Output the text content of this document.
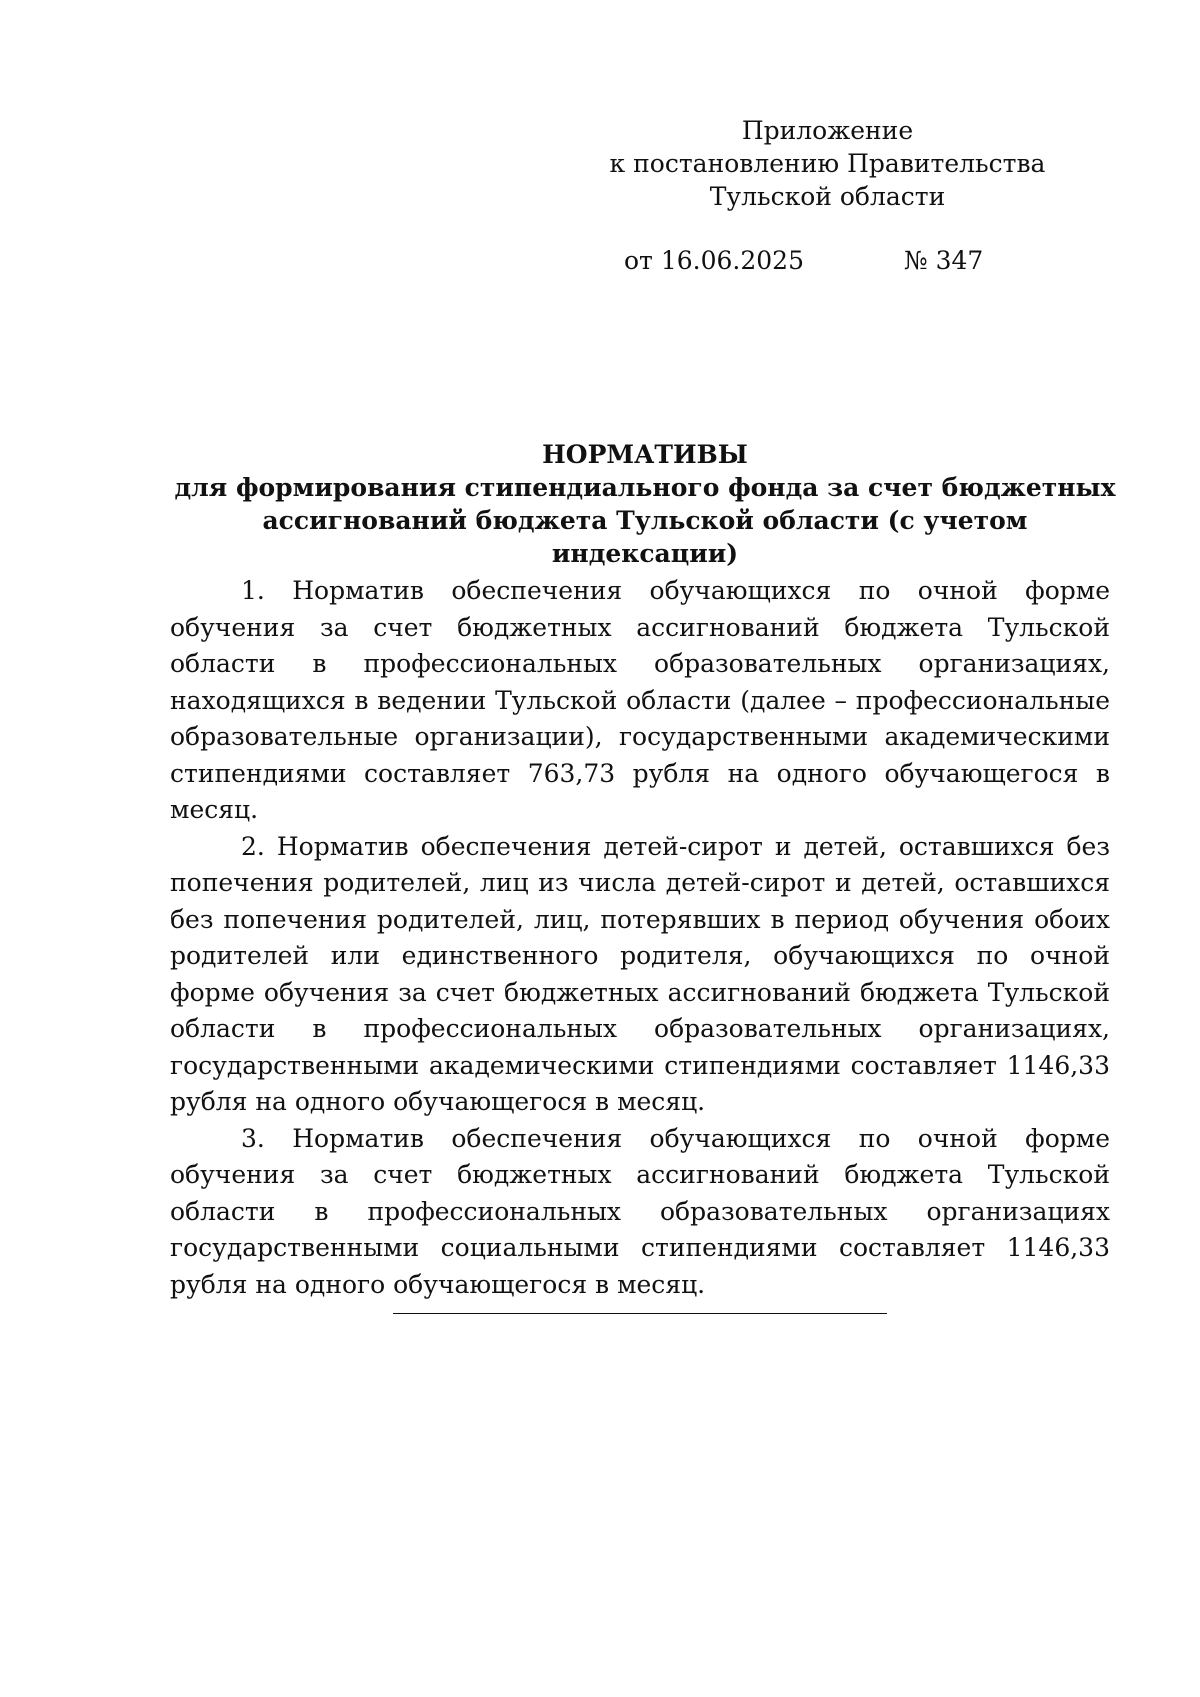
Приложение
к постановлению Правительства
Тульской области
от 16.06.2025	№ 347
НОРМАТИВЫ
для формирования стипендиального фонда за счет бюджетных
ассигнований бюджета Тульской области (с учетом индексации)

1. Норматив обеспечения обучающихся по очной форме обучения за счет бюджетных ассигнований бюджета Тульской области в профессиональных образовательных организациях, находящихся в ведении Тульской области (далее – профессиональные образовательные организации), государственными академическими стипендиями составляет 763,73 рубля на одного обучающегося в месяц.

2. Норматив обеспечения детей-сирот и детей, оставшихся без попечения родителей, лиц из числа детей-сирот и детей, оставшихся без попечения родителей, лиц, потерявших в период обучения обоих родителей или единственного родителя, обучающихся по очной форме обучения за счет бюджетных ассигнований бюджета Тульской области в профессиональных образовательных организациях, государственными академическими стипендиями составляет 1146,33 рубля на одного обучающегося в месяц.

3. Норматив обеспечения обучающихся по очной форме обучения за счет бюджетных ассигнований бюджета Тульской области в профессиональных образовательных организациях государственными социальными стипендиями составляет 1146,33 рубля на одного обучающегося в месяц.
